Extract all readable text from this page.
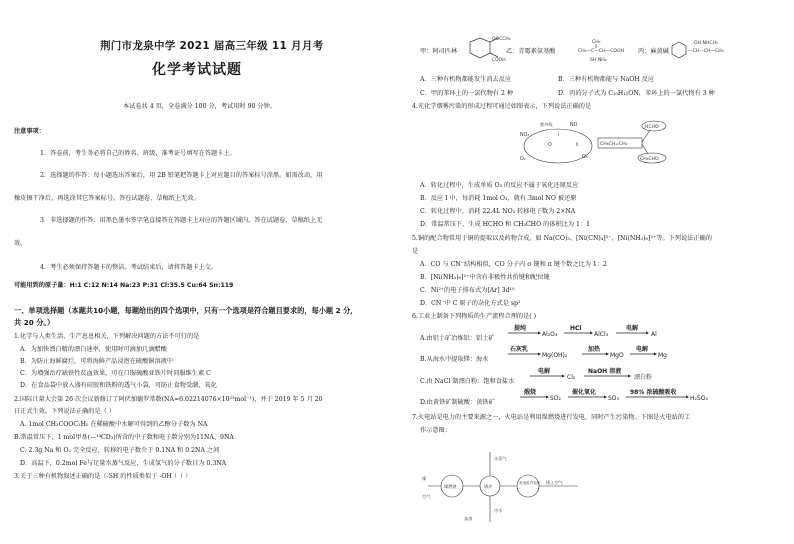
荆门市龙泉中学 2021 届高三年级 11 月月考
化学考试试题
本试卷共 4 页，全卷满分 100 分，考试用时 90 分钟。
注意事项：
1．答卷前，考生务必将自己的姓名、班级、准考证号填写在答题卡上。
2．选择题的作答：每小题选出答案后，用 2B 铅笔把答题卡上对应题目的答案标号涂黑。如需改动，用
橡皮擦干净后，再选涂其它答案标号。答在试题卷、草稿纸上无效。
3．非选择题的作答：用黑色墨水签字笔直接答在答题卡上对应的答题区域内。答在试题卷、草稿纸上无
效。
4．考生必须保持答题卡的整洁。考试结束后，请将答题卡上交。
可能用到的原子量：H:1 C:12 N:14 Na:23 P:31 Cl:35.5 Cu:64 Sn:119
一、单项选择题（本题共10小题，每题给出的四个选项中，只有一个选项是符合题目要求的，每小题 2 分，
共 20 分。）
1.化学与人类生活、生产息息相关，下列解决问题的方法不可行的是
A．为加快漂白精的漂白速率，使用时可滴加几滴醋酸
B．为防止海鲜腐烂，可将海鲜产品浸泡在硫酸铜溶液中
C．为增强治疗缺铁性贫血效果，可在口服硫酸亚铁片时同服维生素 C
D．在食品袋中放入盛有硅胶和铁粉的透气小袋，可防止食物受潮、氧化
2.国际计量大会第 26 次会议新修订了阿伏加德罗常数(NA=6.02214076×10²³mol⁻¹)，并于 2019 年 5 月 20
日正式生效。下列说法正确的是（ ）
A. 1mol CH₃COOC₂H₅ 在稀硫酸中水解可得到的乙醇分子数为 NA
B.常温常压下，1 mol甲基(—¹⁴CD₃)所含的中子数和电子数分别为11NA、9NA
C. 2.3g Na 和 O₂ 完全反应，转移的电子数介于 0.1NA 和 0.2NA 之间
D．高温下，0.2mol Fe与足量水蒸气反应，生成氢气的分子数目为 0.3NA
3.关于三种有机物叙述正确的是（-SH 的性质类似于 -OH ）（ ）
甲：阿司匹林
OOCCH₃
COOH
乙：青霉素氨基酸
CH₃
CH₃—C—CH—COOH
SH NH₂
丙：麻黄碱	—CH—CH—CH₃
OH NHCH₃
A．三种有机物都能发生消去反应	B．三种有机物都能与 NaOH 反应
C．甲的苯环上的一氯代物有 2 种	D．丙的分子式为 C₁₀H₁₅ON，苯环上的一氯代物有 3 种
4.光化学烟雾污染的形成过程可通过如图表示，下列说法正确的是
NO₂
紫外线	NO
O
O₂	O₃
I
II	CH₃CH=CH₂
HCHO
CH₃CHO
A．转化过程中，生成单质 O₃ 的反应不属于氧化还原反应
B．反应 I 中，每消耗 1mol O₃，就有 3mol NO 被还原
C．转化过程中，消耗 22.4L NO₂ 转移电子数为 2×NA
D．常温常压下，生成 HCHO 和 CH₃CHO 的体积比为 1：1
5.铜的配合物常用于铜的提取以及药物合成，如 Na(CO)₃、[Ni(CN)₄]²⁻、[Ni(NH₃)₆]²⁺等。下列说法正确的
是
A．CO 与 CN⁻结构相似，CO 分子内 σ 键和 π 键个数之比为 1：2
B．[Ni(NH₃)₆]²⁺中含有非极性共价键和配位键
C．Ni²⁺的电子排布式为[Ar] 3d¹⁰
D．CN⁻中 C 原子的杂化方式是 sp²
6.工业上制备下列物质的生产流程合理的是( )
A.由铝土矿冶炼铝：铝土矿
提纯
Al₂O₃
HCl
AlCl₃
电解
Al
B.从海水中提取镁：海水
石灰乳
Mg(OH)₂
加热
MgO
电解
Mg
C.由 NaCl 制漂白粉：饱和食盐水
电解
Cl₂
NaOH 溶液
漂白粉
D.由黄铁矿制硫酸：黄铁矿
煅烧
SO₂
催化氧化
SO₃
98% 浓硫酸吸收
H₂SO₄
7.火电站是电力的主要来源之一，火电站是利用煤燃烧进行发电，同时产生污染物。下图是火电站的工
作示意图：
煤燃烧	锅炉
水蒸气
发电机汽轮机 排入空气
煤
空气
冷水
灰渣
